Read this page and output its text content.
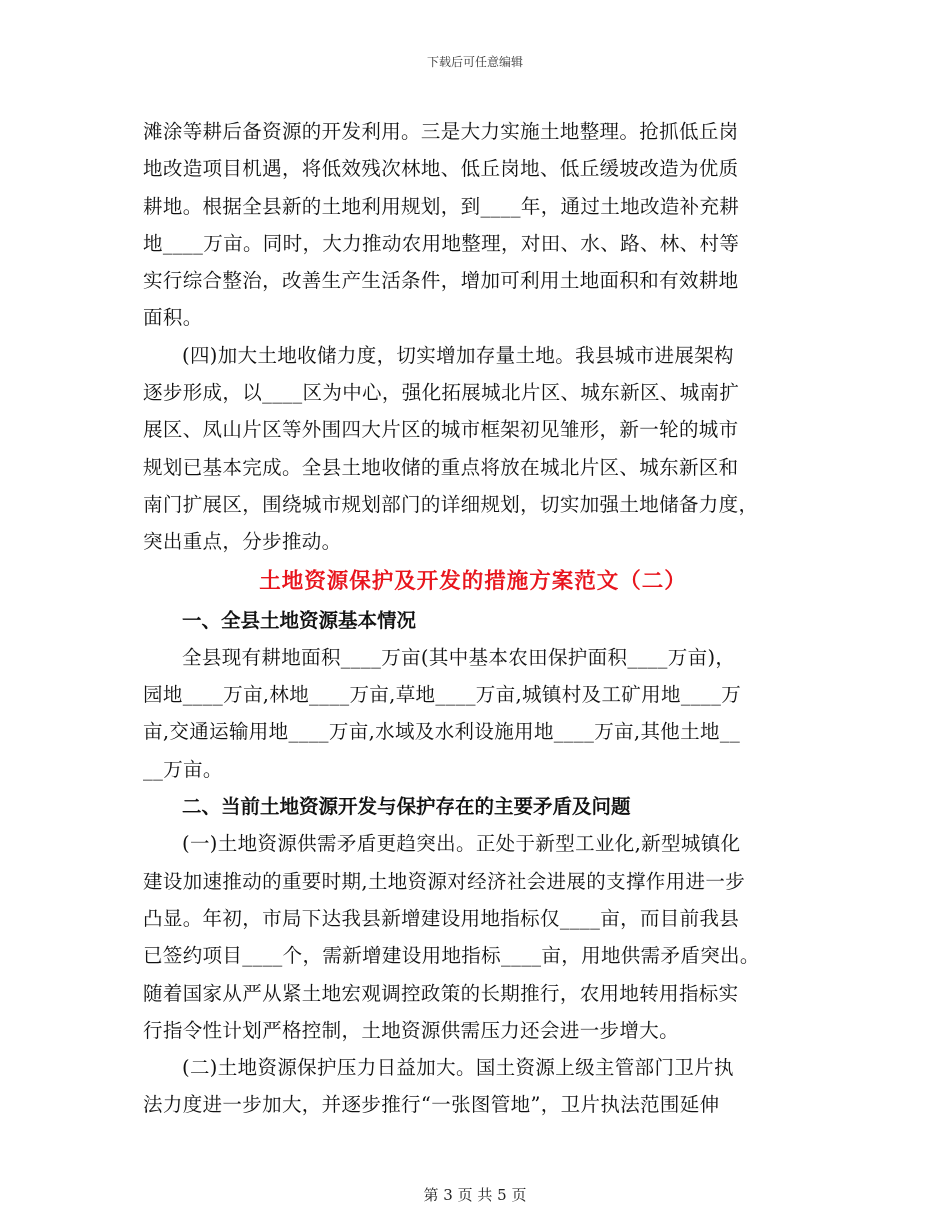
下载后可任意编辑
滩涂等耕后备资源的开发利用。三是大力实施土地整理。抢抓低丘岗
地改造项目机遇，将低效残次林地、低丘岗地、低丘缓坡改造为优质
耕地。根据全县新的土地利用规划，到____年，通过土地改造补充耕
地____万亩。同时，大力推动农用地整理，对田、水、路、林、村等
实行综合整治，改善生产生活条件，增加可利用土地面积和有效耕地
面积。
(四)加大土地收储力度，切实增加存量土地。我县城市进展架构
逐步形成，以____区为中心，强化拓展城北片区、城东新区、城南扩
展区、凤山片区等外围四大片区的城市框架初见雏形，新一轮的城市
规划已基本完成。全县土地收储的重点将放在城北片区、城东新区和
南门扩展区，围绕城市规划部门的详细规划，切实加强土地储备力度，
突出重点，分步推动。
土地资源保护及开发的措施方案范文（二）
一、全县土地资源基本情况
全县现有耕地面积____万亩(其中基本农田保护面积____万亩)，
园地____万亩,林地____万亩,草地____万亩,城镇村及工矿用地____万
亩,交通运输用地____万亩,水域及水利设施用地____万亩,其他土地__
__万亩。
二、当前土地资源开发与保护存在的主要矛盾及问题
(一)土地资源供需矛盾更趋突出。正处于新型工业化,新型城镇化
建设加速推动的重要时期,土地资源对经济社会进展的支撑作用进一步
凸显。年初，市局下达我县新增建设用地指标仅____亩，而目前我县
已签约项目____个，需新增建设用地指标____亩，用地供需矛盾突出。
随着国家从严从紧土地宏观调控政策的长期推行，农用地转用指标实
行指令性计划严格控制，土地资源供需压力还会进一步增大。
(二)土地资源保护压力日益加大。国土资源上级主管部门卫片执
法力度进一步加大，并逐步推行“一张图管地”，卫片执法范围延伸
第 3 页 共 5 页
